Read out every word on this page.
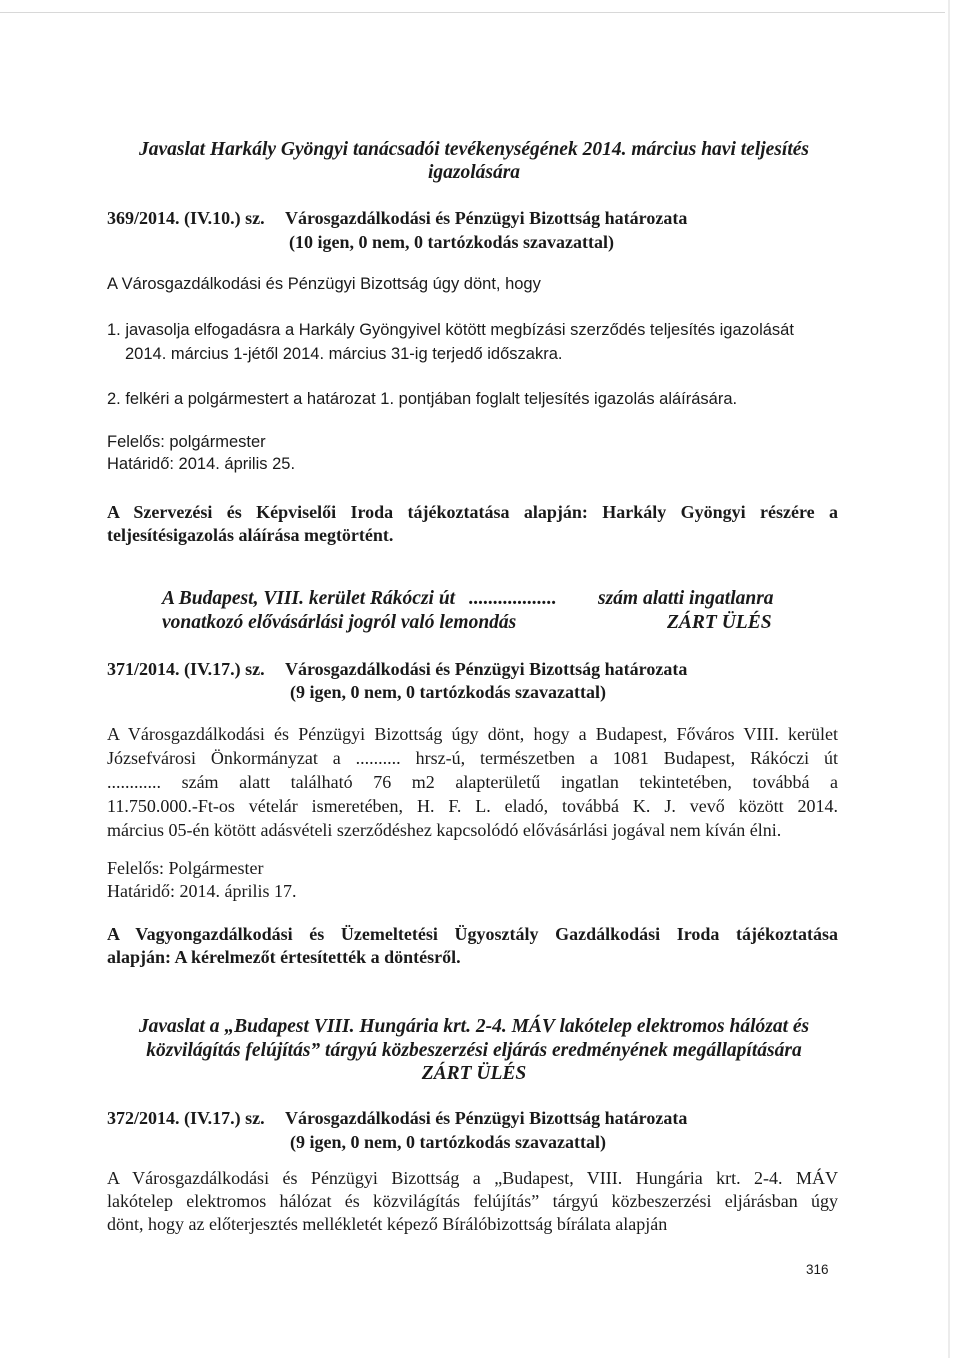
Javaslat Harkály Gyöngyi tanácsadói tevékenységének 2014. március havi teljesítés
igazolására
369/2014. (IV.10.) sz. Városgazdálkodási és Pénzügyi Bizottság határozata
(10 igen, 0 nem, 0 tartózkodás szavazattal)
A Városgazdálkodási és Pénzügyi Bizottság úgy dönt, hogy
1. javasolja elfogadásra a Harkály Gyöngyivel kötött megbízási szerződés teljesítés igazolását
2014. március 1-jétől 2014. március 31-ig terjedő időszakra.
2. felkéri a polgármestert a határozat 1. pontjában foglalt teljesítés igazolás aláírására.
Felelős: polgármester
Határidő: 2014. április 25.
A Szervezési és Képviselői Iroda tájékoztatása alapján: Harkály Gyöngyi részére a
teljesítésigazolás aláírása megtörtént.
A Budapest, VIII. kerület Rákóczi út .................. szám alatti ingatlanra
vonatkozó elővásárlási jogról való lemondás	ZÁRT ÜLÉS
371/2014. (IV.17.) sz. Városgazdálkodási és Pénzügyi Bizottság határozata
(9 igen, 0 nem, 0 tartózkodás szavazattal)
A Városgazdálkodási és Pénzügyi Bizottság úgy dönt, hogy a Budapest, Főváros VIII. kerület
Józsefvárosi Önkormányzat a .......... hrsz-ú, természetben a 1081 Budapest, Rákóczi út
............ szám alatt található 76 m2 alapterületű ingatlan tekintetében, továbbá a
11.750.000.-Ft-os vételár ismeretében, H. F. L. eladó, továbbá K. J. vevő között 2014.
március 05-én kötött adásvételi szerződéshez kapcsolódó elővásárlási jogával nem kíván élni.
Felelős: Polgármester
Határidő: 2014. április 17.
A Vagyongazdálkodási és Üzemeltetési Ügyosztály Gazdálkodási Iroda tájékoztatása
alapján: A kérelmezőt értesítették a döntésről.
Javaslat a „Budapest VIII. Hungária krt. 2-4. MÁV lakótelep elektromos hálózat és
közvilágítás felújítás” tárgyú közbeszerzési eljárás eredményének megállapítására
ZÁRT ÜLÉS
372/2014. (IV.17.) sz. Városgazdálkodási és Pénzügyi Bizottság határozata
(9 igen, 0 nem, 0 tartózkodás szavazattal)
A Városgazdálkodási és Pénzügyi Bizottság a „Budapest, VIII. Hungária krt. 2-4. MÁV
lakótelep elektromos hálózat és közvilágítás felújítás” tárgyú közbeszerzési eljárásban úgy
dönt, hogy az előterjesztés mellékletét képező Bírálóbizottság bírálata alapján
316
